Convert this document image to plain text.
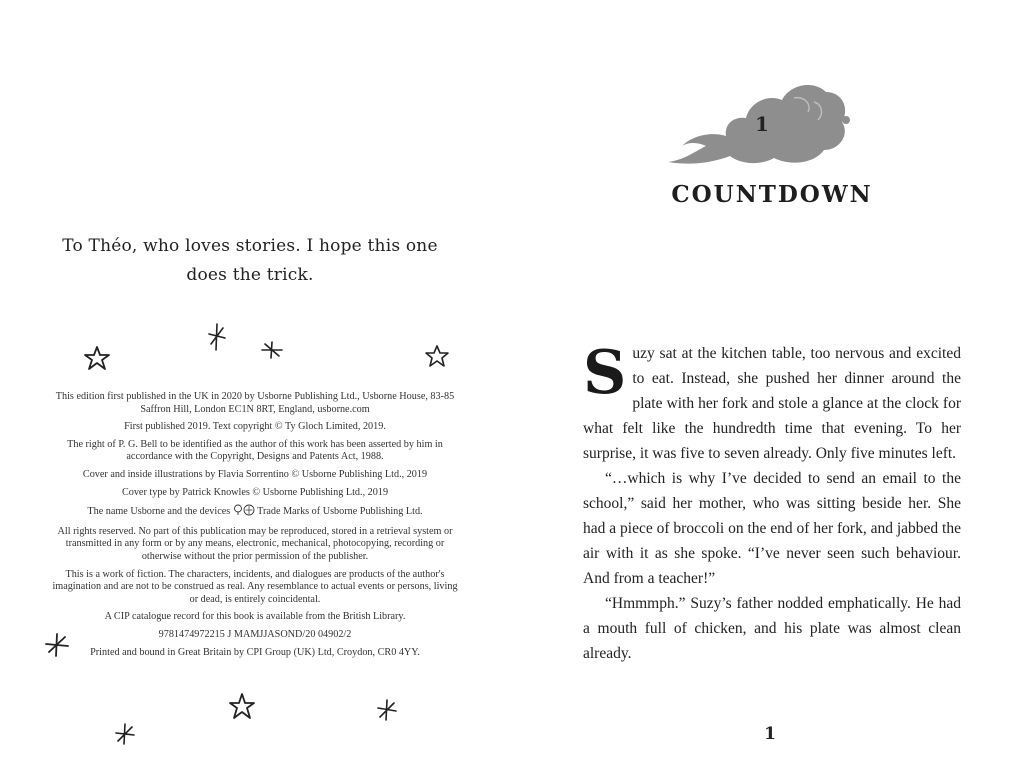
To Théo, who loves stories. I hope this one does the trick.

This edition first published in the UK in 2020 by Usborne Publishing Ltd., Usborne House, 83-85 Saffron Hill, London EC1N 8RT, England, usborne.com

First published 2019. Text copyright © Ty Gloch Limited, 2019.

The right of P. G. Bell to be identified as the author of this work has been asserted by him in accordance with the Copyright, Designs and Patents Act, 1988.

Cover and inside illustrations by Flavia Sorrentino © Usborne Publishing Ltd., 2019

Cover type by Patrick Knowles © Usborne Publishing Ltd., 2019

The name Usborne and the devices	Trade Marks of Usborne Publishing Ltd.

All rights reserved. No part of this publication may be reproduced, stored in a retrieval system or transmitted in any form or by any means, electronic, mechanical, photocopying, recording or otherwise without the prior permission of the publisher.

This is a work of fiction. The characters, incidents, and dialogues are products of the author's imagination and are not to be construed as real. Any resemblance to actual events or persons, living or dead, is entirely coincidental.

A CIP catalogue record for this book is available from the British Library.

9781474972215 J MAMJJASOND/20 04902/2

Printed and bound in Great Britain by CPI Group (UK) Ltd, Croydon, CR0 4YY.

1
COUNTDOWN

Suzy sat at the kitchen table, too nervous and excited to eat. Instead, she pushed her dinner around the plate with her fork and stole a glance at the clock for what felt like the hundredth time that evening. To her surprise, it was five to seven already. Only five minutes left.

“…which is why I’ve decided to send an email to the school,” said her mother, who was sitting beside her. She had a piece of broccoli on the end of her fork, and jabbed the air with it as she spoke. “I’ve never seen such behaviour. And from a teacher!”

“Hmmmph.” Suzy’s father nodded emphatically. He had a mouth full of chicken, and his plate was almost clean already.

1
